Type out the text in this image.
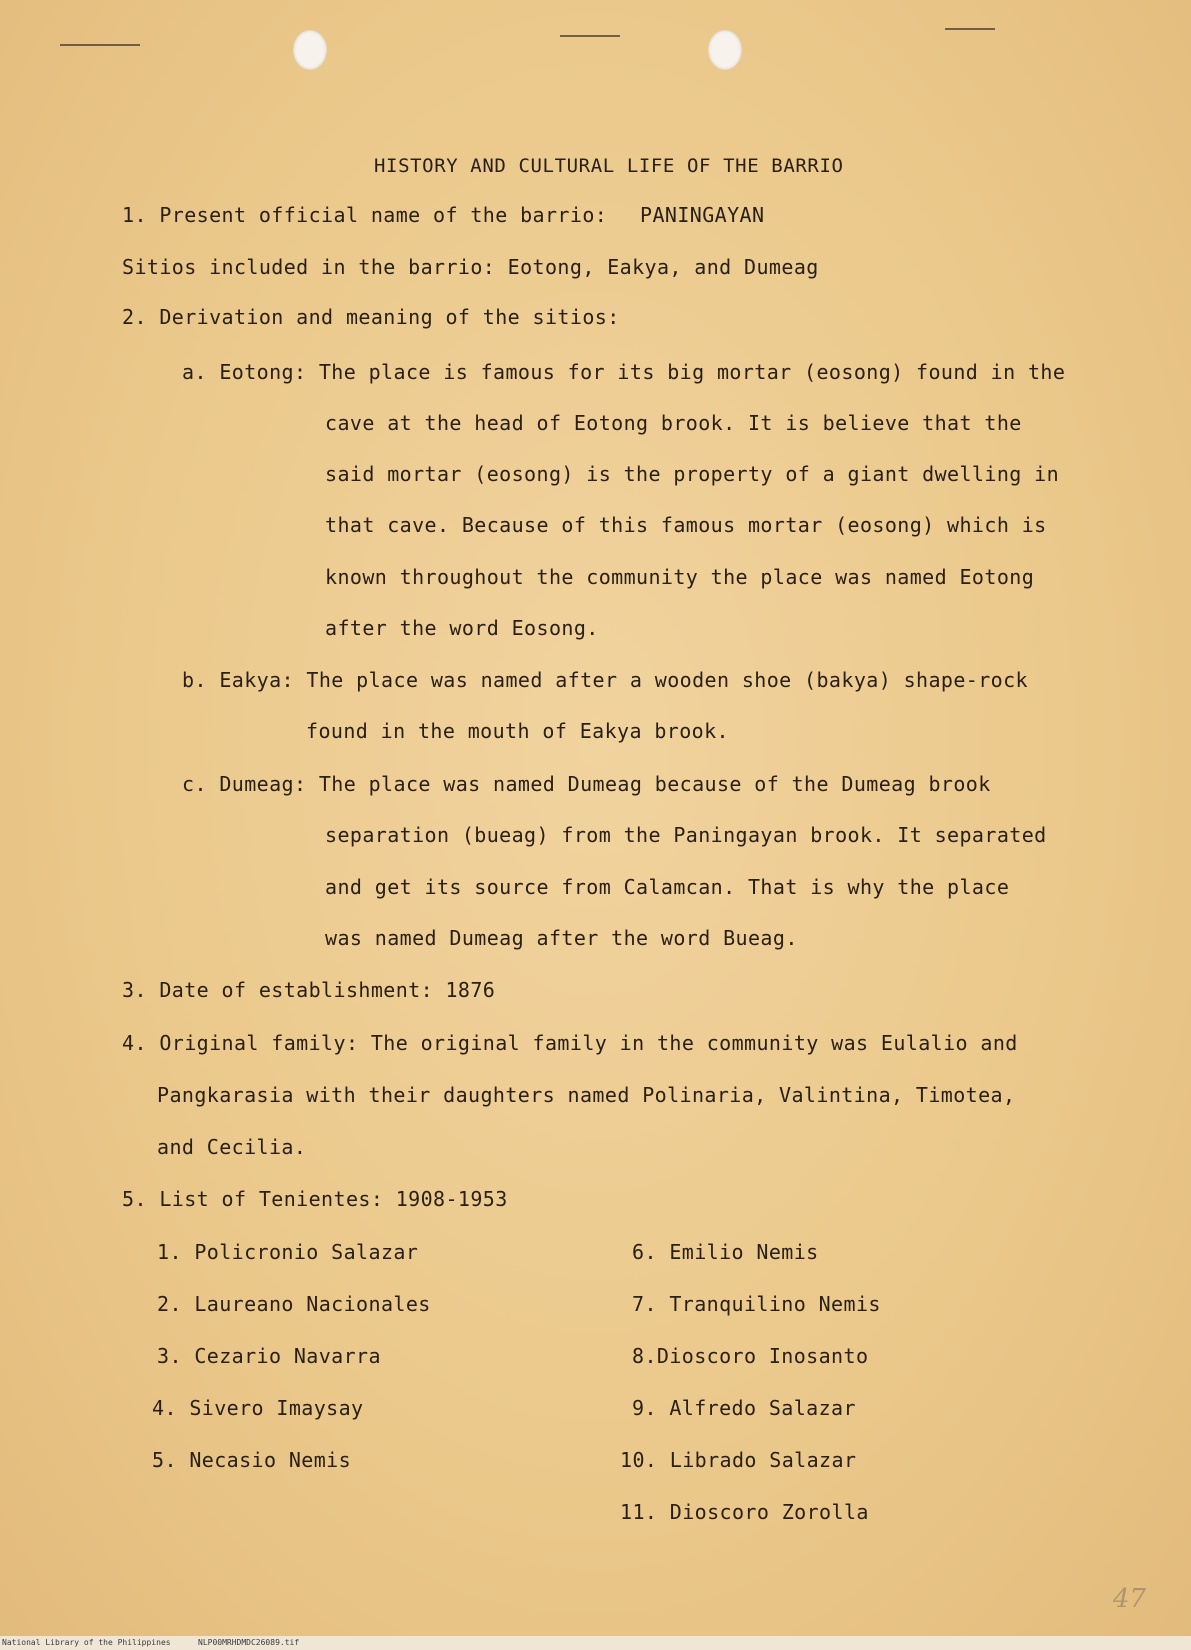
HISTORY AND CULTURAL LIFE OF THE BARRIO
1. Present official name of the barrio: PANINGAYAN
Sitios included in the barrio: Eotong, Eakya, and Dumeag
2. Derivation and meaning of the sitios:
a. Eotong: The place is famous for its big mortar (eosong) found in the
cave at the head of Eotong brook. It is believe that the
said mortar (eosong) is the property of a giant dwelling in
that cave. Because of this famous mortar (eosong) which is
known throughout the community the place was named Eotong
after the word Eosong.
b. Eakya: The place was named after a wooden shoe (bakya) shape-rock
found in the mouth of Eakya brook.
c. Dumeag: The place was named Dumeag because of the Dumeag brook
separation (bueag) from the Paningayan brook. It separated
and get its source from Calamcan. That is why the place
was named Dumeag after the word Bueag.
3. Date of establishment: 1876
4. Original family: The original family in the community was Eulalio and
Pangkarasia with their daughters named Polinaria, Valintina, Timotea,
and Cecilia.
5. List of Tenientes: 1908-1953
1. Policronio Salazar
2. Laureano Nacionales
3. Cezario Navarra
4. Sivero Imaysay
5. Necasio Nemis
6. Emilio Nemis
7. Tranquilino Nemis
8.Dioscoro Inosanto
9. Alfredo Salazar
10. Librado Salazar
11. Dioscoro Zorolla
47
National Library of the Philippines	NLP00MRHDMDC26089.tif
